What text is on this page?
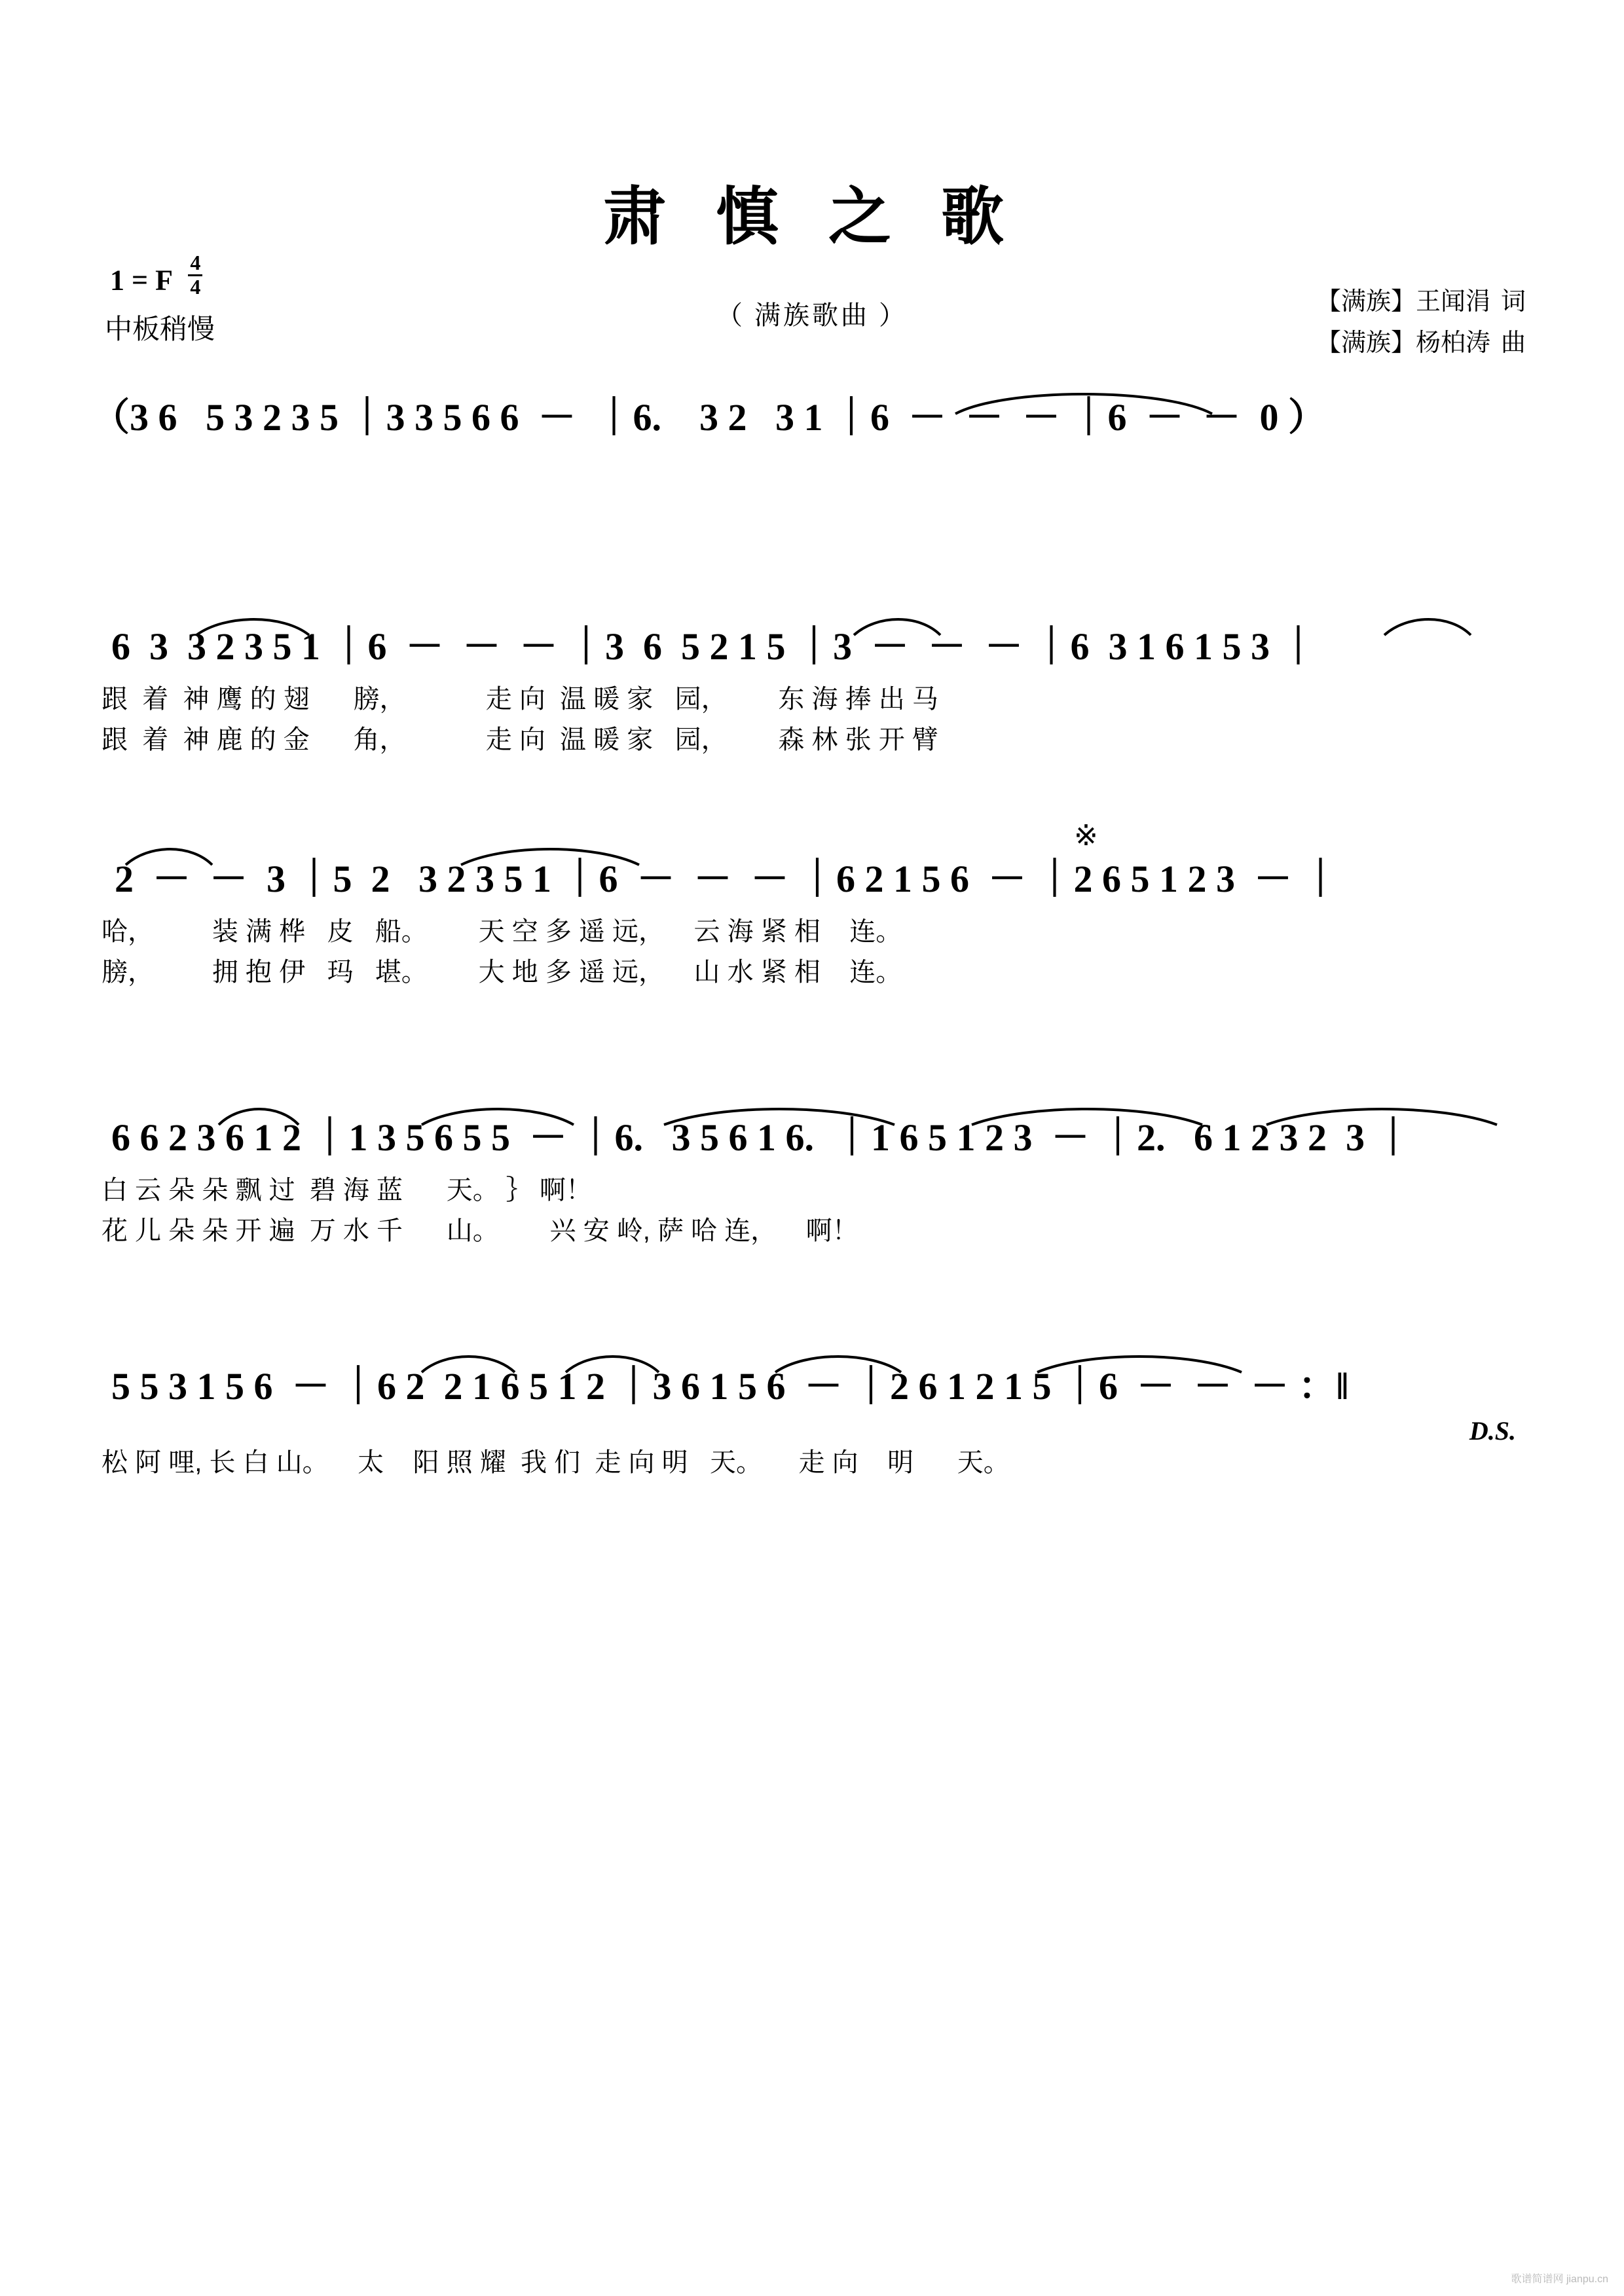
肃 慎 之 歌
（ 满族歌曲 ）
1 = F $\frac{4}{4}$
中板稍慢
【满族】王闻涓 词
【满族】杨柏涛 曲
（3 6   5 3 2 3 5 ｜3 3 5 6 6  －  ｜6.    3 2   3 1 ｜6  －  －  － ｜6  －  －  0 ）
6  3  3 2 3 5 1 ｜6  －  －  － ｜3  6  5 2 1 5 ｜3  －  －  － ｜6  3 1 6 1 5 3 ｜
跟  着  神 鹰 的 翅      膀，           走 向  温 暖 家   园，       东 海 捧 出 马
跟  着  神 鹿 的 金      角，           走 向  温 暖 家   园，       森 林 张 开 臂
※
2  －  －  3 ｜5  2   3 2 3 5 1 ｜6  －  －  － ｜6 2 1 5 6  － ｜2 6 5 1 2 3  － ｜
哈，        装 满 桦   皮   船。       天 空 多 遥 远，    云 海 紧 相    连。
膀，        拥 抱 伊   玛   堪。       大 地 多 遥 远，    山 水 紧 相    连。
6 6 2 3 6 1 2 ｜1 3 5 6 5 5  － ｜6.   3 5 6 1 6.  ｜1 6 5 1 2 3  － ｜2.   6 1 2 3 2  3 ｜
白 云 朵 朵 飘 过  碧 海 蓝      天。 ｝ 啊！
花 儿 朵 朵 开 遍  万 水 千      山。       兴 安 岭, 萨 哈 连，    啊！
5 5 3 1 5 6  － ｜6 2  2 1 6 5 1 2 ｜3 6 1 5 6  － ｜2 6 1 2 1 5 ｜6  －  －  － ：‖
D.S.
松 阿 哩, 长 白 山。    太    阳 照 耀  我 们  走 向 明   天。     走 向    明      天。
歌谱简谱网 jianpu.cn
